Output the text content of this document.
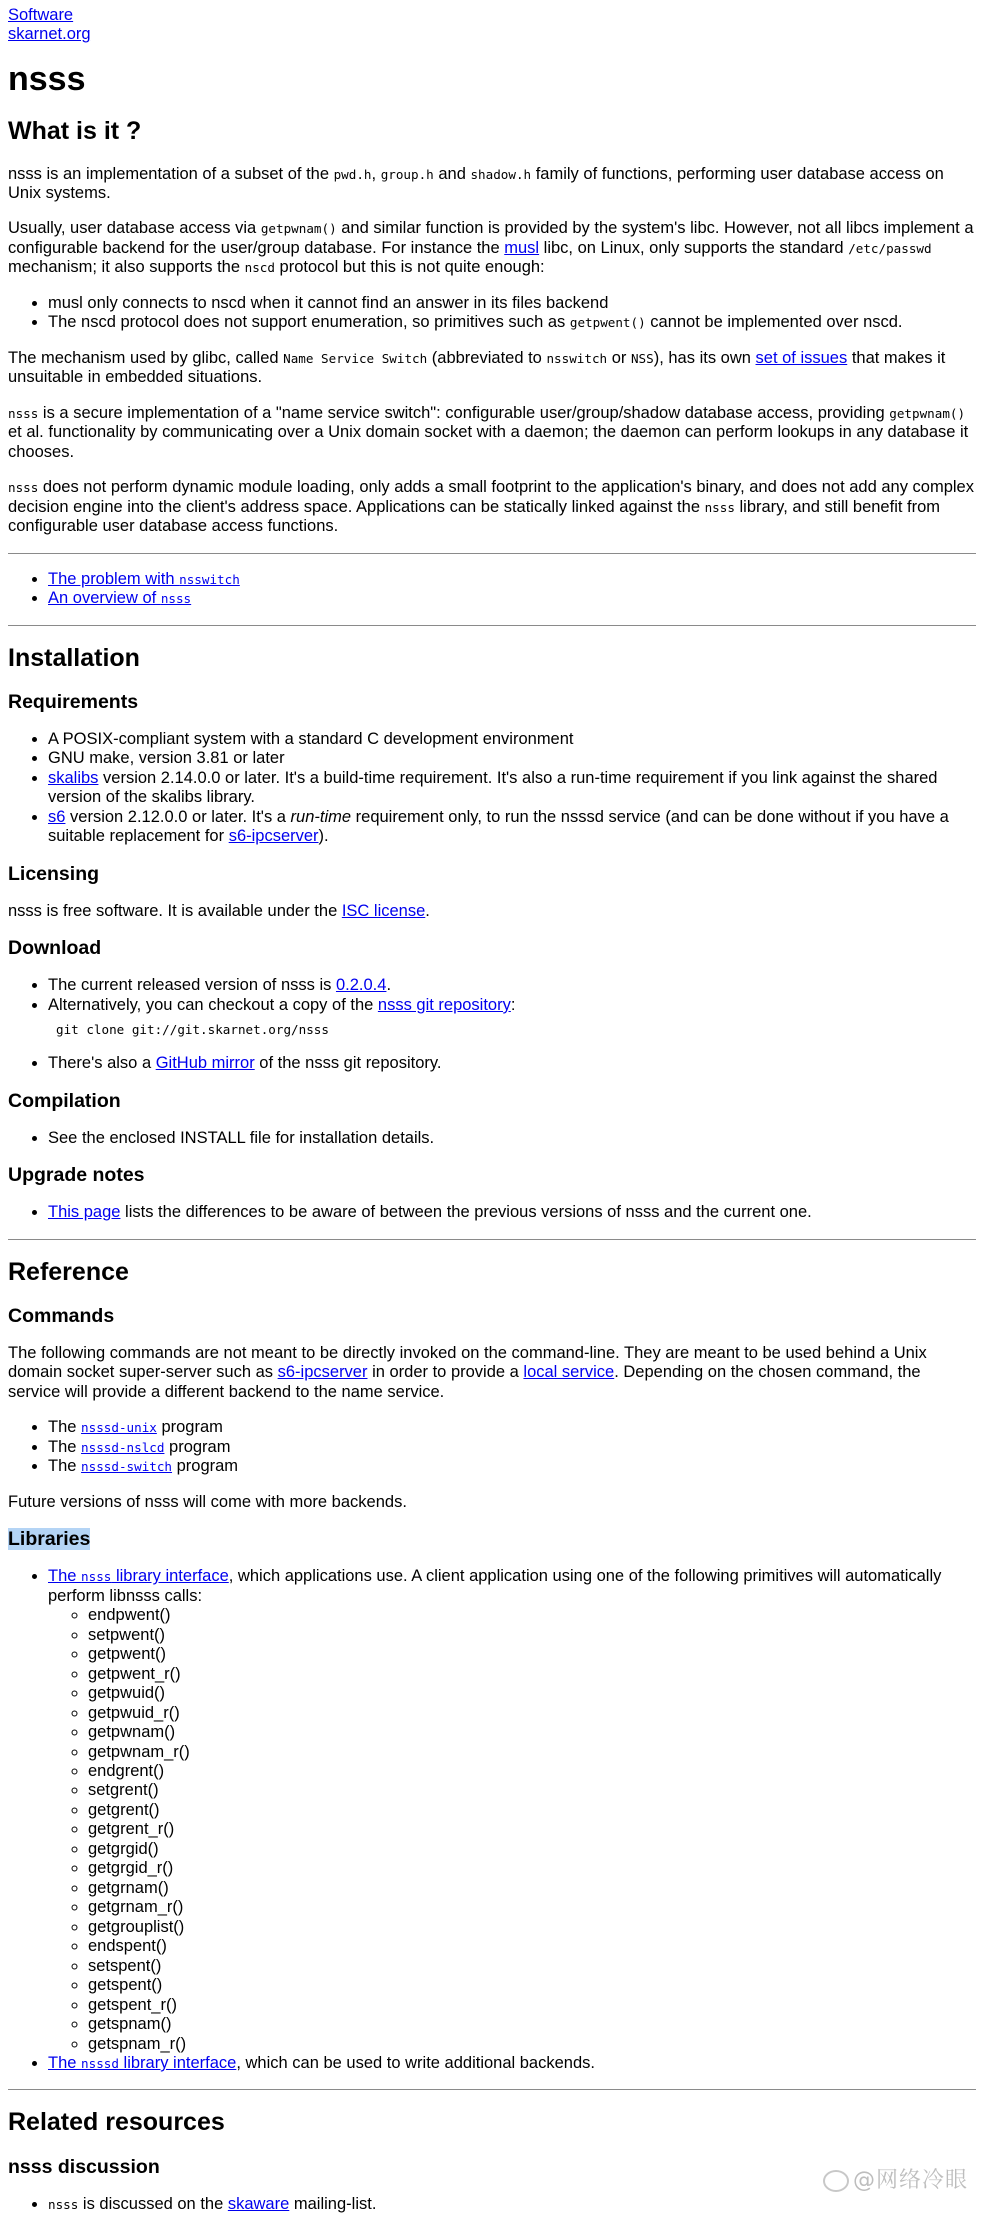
Software
skarnet.org
nsss
What is it ?

nsss is an implementation of a subset of the pwd.h, group.h and shadow.h family of functions, performing user database access on Unix systems.

Usually, user database access via getpwnam() and similar function is provided by the system's libc. However, not all libcs implement a configurable backend for the user/group database. For instance the musl libc, on Linux, only supports the standard /etc/passwd mechanism; it also supports the nscd protocol but this is not quite enough:

• musl only connects to nscd when it cannot find an answer in its files backend
• The nscd protocol does not support enumeration, so primitives such as getpwent() cannot be implemented over nscd.

The mechanism used by glibc, called Name Service Switch (abbreviated to nsswitch or NSS), has its own set of issues that makes it unsuitable in embedded situations.

nsss is a secure implementation of a "name service switch": configurable user/group/shadow database access, providing getpwnam() et al. functionality by communicating over a Unix domain socket with a daemon; the daemon can perform lookups in any database it chooses.

nsss does not perform dynamic module loading, only adds a small footprint to the application's binary, and does not add any complex decision engine into the client's address space. Applications can be statically linked against the nsss library, and still benefit from configurable user database access functions.

• The problem with nsswitch
• An overview of nsss
Installation
Requirements
• A POSIX-compliant system with a standard C development environment
• GNU make, version 3.81 or later
• skalibs version 2.14.0.0 or later. It's a build-time requirement. It's also a run-time requirement if you link against the shared version of the skalibs library.
• s6 version 2.12.0.0 or later. It's a run-time requirement only, to run the nsssd service (and can be done without if you have a suitable replacement for s6-ipcserver).
Licensing

nsss is free software. It is available under the ISC license.

Download
• The current released version of nsss is 0.2.0.4.
• Alternatively, you can checkout a copy of the nsss git repository:
git clone git://git.skarnet.org/nsss
• There's also a GitHub mirror of the nsss git repository.
Compilation
• See the enclosed INSTALL file for installation details.
Upgrade notes
• This page lists the differences to be aware of between the previous versions of nsss and the current one.
Reference
Commands

The following commands are not meant to be directly invoked on the command-line. They are meant to be used behind a Unix domain socket super-server such as s6-ipcserver in order to provide a local service. Depending on the chosen command, the service will provide a different backend to the name service.

• The nsssd-unix program
• The nsssd-nslcd program
• The nsssd-switch program

Future versions of nsss will come with more backends.

Libraries
• The nsss library interface, which applications use. A client application using one of the following primitives will automatically perform libnsss calls:
◦ endpwent()
◦ setpwent()
◦ getpwent()
◦ getpwent_r()
◦ getpwuid()
◦ getpwuid_r()
◦ getpwnam()
◦ getpwnam_r()
◦ endgrent()
◦ setgrent()
◦ getgrent()
◦ getgrent_r()
◦ getgrgid()
◦ getgrgid_r()
◦ getgrnam()
◦ getgrnam_r()
◦ getgrouplist()
◦ endspent()
◦ setspent()
◦ getspent()
◦ getspent_r()
◦ getspnam()
◦ getspnam_r()
• The nsssd library interface, which can be used to write additional backends.
Related resources
nsss discussion
• nsss is discussed on the skaware mailing-list.
@网络冷眼
